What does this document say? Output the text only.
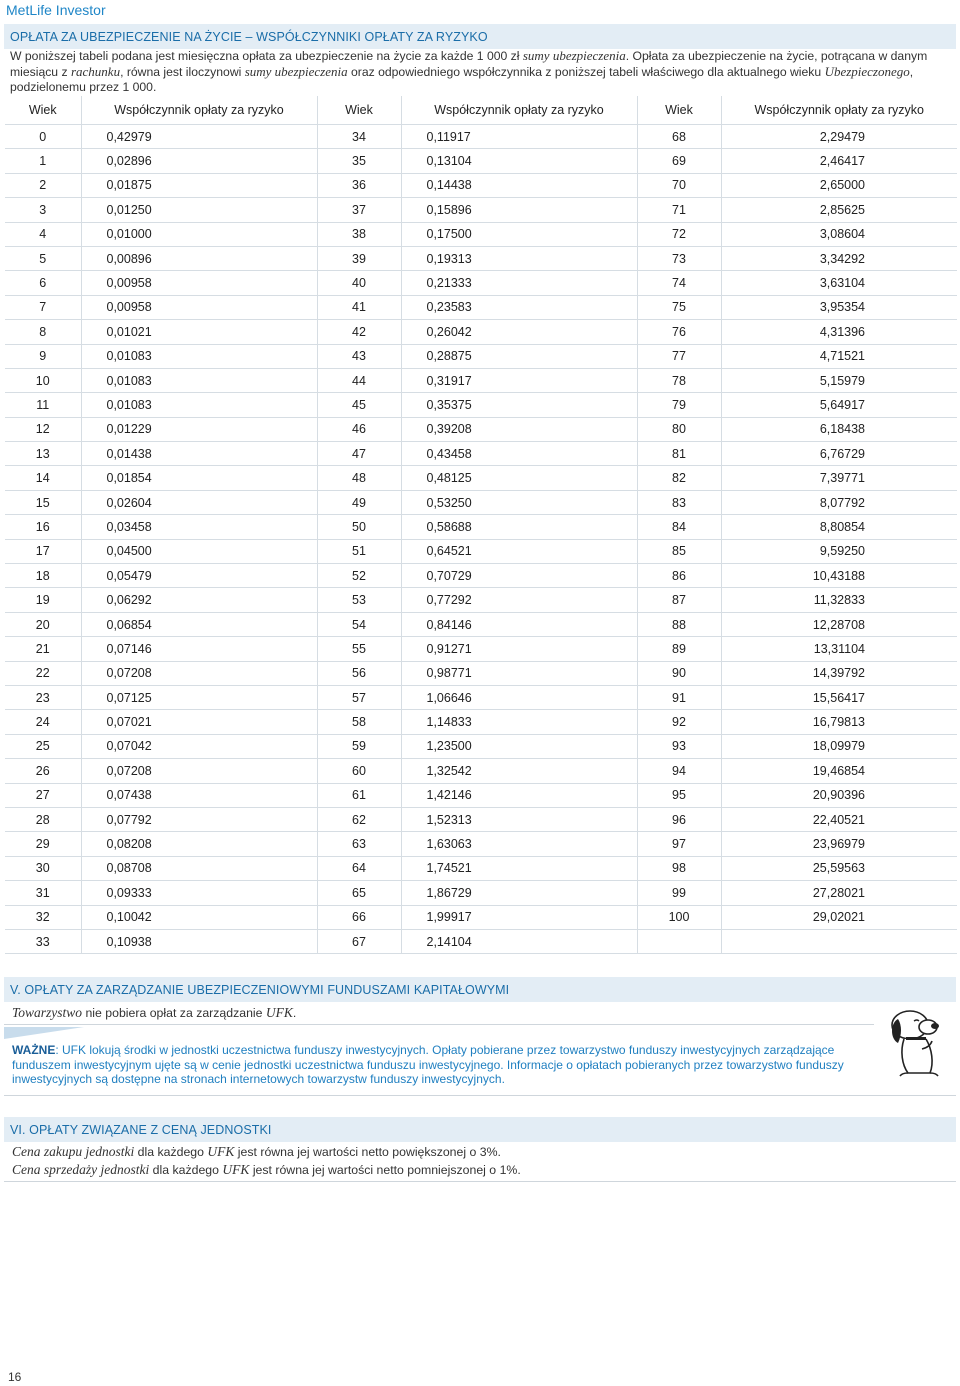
MetLife Investor
OPŁATA ZA UBEZPIECZENIE NA ŻYCIE – WSPÓŁCZYNNIKI OPŁATY ZA RYZYKO
W poniższej tabeli podana jest miesięczna opłata za ubezpieczenie na życie za każde 1 000 zł sumy ubezpieczenia. Opłata za ubezpieczenie na życie, potrącana w danym miesiącu z rachunku, równa jest iloczynowi sumy ubezpieczenia oraz odpowiedniego współczynnika z poniższej tabeli właściwego dla aktualnego wieku Ubezpieczonego, podzielonemu przez 1 000.
Wiek	Współczynnik opłaty za ryzyko	Wiek	Współczynnik opłaty za ryzyko	Wiek	Współczynnik opłaty za ryzyko
0	0,42979	34	0,11917	68	2,29479
1	0,02896	35	0,13104	69	2,46417
2	0,01875	36	0,14438	70	2,65000
3	0,01250	37	0,15896	71	2,85625
4	0,01000	38	0,17500	72	3,08604
5	0,00896	39	0,19313	73	3,34292
6	0,00958	40	0,21333	74	3,63104
7	0,00958	41	0,23583	75	3,95354
8	0,01021	42	0,26042	76	4,31396
9	0,01083	43	0,28875	77	4,71521
10	0,01083	44	0,31917	78	5,15979
11	0,01083	45	0,35375	79	5,64917
12	0,01229	46	0,39208	80	6,18438
13	0,01438	47	0,43458	81	6,76729
14	0,01854	48	0,48125	82	7,39771
15	0,02604	49	0,53250	83	8,07792
16	0,03458	50	0,58688	84	8,80854
17	0,04500	51	0,64521	85	9,59250
18	0,05479	52	0,70729	86	10,43188
19	0,06292	53	0,77292	87	11,32833
20	0,06854	54	0,84146	88	12,28708
21	0,07146	55	0,91271	89	13,31104
22	0,07208	56	0,98771	90	14,39792
23	0,07125	57	1,06646	91	15,56417
24	0,07021	58	1,14833	92	16,79813
25	0,07042	59	1,23500	93	18,09979
26	0,07208	60	1,32542	94	19,46854
27	0,07438	61	1,42146	95	20,90396
28	0,07792	62	1,52313	96	22,40521
29	0,08208	63	1,63063	97	23,96979
30	0,08708	64	1,74521	98	25,59563
31	0,09333	65	1,86729	99	27,28021
32	0,10042	66	1,99917	100	29,02021
33	0,10938	67	2,14104		
V. OPŁATY ZA ZARZĄDZANIE UBEZPIECZENIOWYMI FUNDUSZAMI KAPITAŁOWYMI
Towarzystwo nie pobiera opłat za zarządzanie UFK.
WAŻNE: UFK lokują środki w jednostki uczestnictwa funduszy inwestycyjnych. Opłaty pobierane przez towarzystwo funduszy inwestycyjnych zarządzające funduszem inwestycyjnym ujęte są w cenie jednostki uczestnictwa funduszu inwestycyjnego. Informacje o opłatach pobieranych przez towarzystwo funduszy inwestycyjnych są dostępne na stronach internetowych towarzystw funduszy inwestycyjnych.
VI. OPŁATY ZWIĄZANE Z CENĄ JEDNOSTKI
Cena zakupu jednostki dla każdego UFK jest równa jej wartości netto powiększonej o 3%.
Cena sprzedaży jednostki dla każdego UFK jest równa jej wartości netto pomniejszonej o 1%.
16
